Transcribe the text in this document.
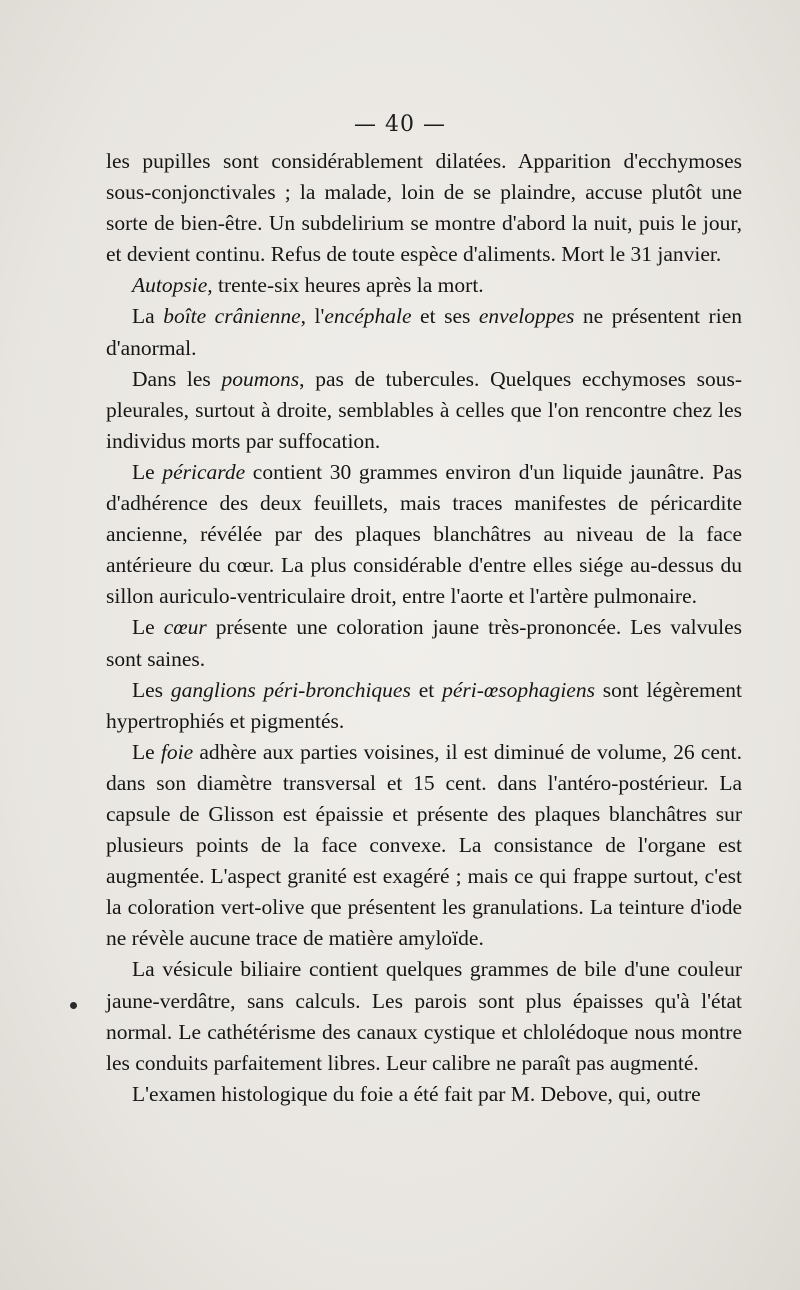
— 40 —

les pupilles sont considérablement dilatées. Apparition d'ecchymoses sous-conjonctivales ; la malade, loin de se plaindre, accuse plutôt une sorte de bien-être. Un subdelirium se montre d'abord la nuit, puis le jour, et devient continu. Refus de toute espèce d'aliments. Mort le 31 janvier.

Autopsie, trente-six heures après la mort.

La boîte crânienne, l'encéphale et ses enveloppes ne présentent rien d'anormal.

Dans les poumons, pas de tubercules. Quelques ecchymoses sous-pleurales, surtout à droite, semblables à celles que l'on rencontre chez les individus morts par suffocation.

Le péricarde contient 30 grammes environ d'un liquide jaunâtre. Pas d'adhérence des deux feuillets, mais traces manifestes de péricardite ancienne, révélée par des plaques blanchâtres au niveau de la face antérieure du cœur. La plus considérable d'entre elles siége au-dessus du sillon auriculo-ventriculaire droit, entre l'aorte et l'artère pulmonaire.

Le cœur présente une coloration jaune très-prononcée. Les valvules sont saines.

Les ganglions péri-bronchiques et péri-œsophagiens sont légèrement hypertrophiés et pigmentés.

Le foie adhère aux parties voisines, il est diminué de volume, 26 cent. dans son diamètre transversal et 15 cent. dans l'antéro-postérieur. La capsule de Glisson est épaissie et présente des plaques blanchâtres sur plusieurs points de la face convexe. La consistance de l'organe est augmentée. L'aspect granité est exagéré ; mais ce qui frappe surtout, c'est la coloration vert-olive que présentent les granulations. La teinture d'iode ne révèle aucune trace de matière amyloïde.

La vésicule biliaire contient quelques grammes de bile d'une couleur jaune-verdâtre, sans calculs. Les parois sont plus épaisses qu'à l'état normal. Le cathétérisme des canaux cystique et chlolédoque nous montre les conduits parfaitement libres. Leur calibre ne paraît pas augmenté.

L'examen histologique du foie a été fait par M. Debove, qui, outre
